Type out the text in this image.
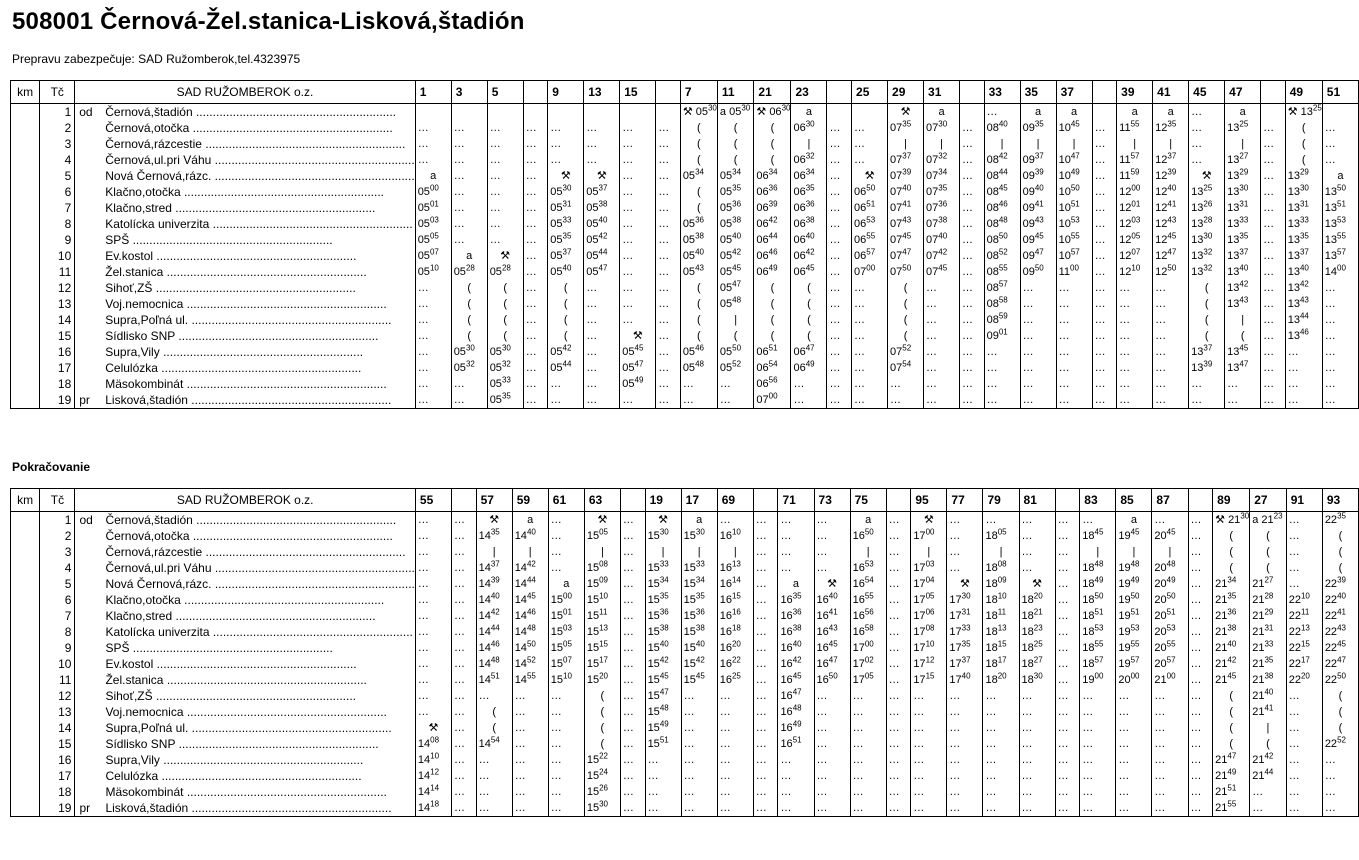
508001 Černová-Žel.stanica-Lisková,štadión
Prepravu zabezpečuje: SAD Ružomberok,tel.4323975
km	Tč	SAD RUŽOMBEROK o.z.	1	3	5		9	13	15		7	11	21	23		25	29	31		33	35	37		39	41	45	47		49	51
	1	od Černová,štadión ............................................................									⚒ $05^{30}$	a $05^{30}$	⚒ $06^{30}$	a			⚒	a		…	a	a		a	a	…	a		⚒ $13^{25}$	
	2	Černová,otočka ............................................................	…	…	…	…	…	…	…	…	(	(	(	$06^{30}$	…	…	$07^{35}$	$07^{30}$	…	$08^{40}$	$09^{35}$	$10^{45}$	…	$11^{55}$	$12^{35}$	…	$13^{25}$	…	(	…
	3	Černová,rázcestie ............................................................	…	…	…	…	…	…	…	…	(	(	(	|	…	…	|	|	…	|	|	|	…	|	|	…	|	…	(	…
	4	Černová,ul.pri Váhu ............................................................	…	…	…	…	…	…	…	…	(	(	(	$06^{32}$	…	…	$07^{37}$	$07^{32}$	…	$08^{42}$	$09^{37}$	$10^{47}$	…	$11^{57}$	$12^{37}$	…	$13^{27}$	…	(	…
	5	Nová Černová,rázc. ............................................................	a	…	…	…	⚒	⚒	…	…	$05^{34}$	$05^{34}$	$06^{34}$	$06^{34}$	…	⚒	$07^{39}$	$07^{34}$	…	$08^{44}$	$09^{39}$	$10^{49}$	…	$11^{59}$	$12^{39}$	⚒	$13^{29}$	…	$13^{29}$	a
	6	Klačno,otočka ............................................................	$05^{00}$	…	…	…	$05^{30}$	$05^{37}$	…	…	(	$05^{35}$	$06^{36}$	$06^{35}$	…	$06^{50}$	$07^{40}$	$07^{35}$	…	$08^{45}$	$09^{40}$	$10^{50}$	…	$12^{00}$	$12^{40}$	$13^{25}$	$13^{30}$	…	$13^{30}$	$13^{50}$
	7	Klačno,stred ............................................................	$05^{01}$	…	…	…	$05^{31}$	$05^{38}$	…	…	(	$05^{36}$	$06^{39}$	$06^{36}$	…	$06^{51}$	$07^{41}$	$07^{36}$	…	$08^{46}$	$09^{41}$	$10^{51}$	…	$12^{01}$	$12^{41}$	$13^{26}$	$13^{31}$	…	$13^{31}$	$13^{51}$
	8	Katolícka univerzita ............................................................	$05^{03}$	…	…	…	$05^{33}$	$05^{40}$	…	…	$05^{36}$	$05^{38}$	$06^{42}$	$06^{38}$	…	$06^{53}$	$07^{43}$	$07^{38}$	…	$08^{48}$	$09^{43}$	$10^{53}$	…	$12^{03}$	$12^{43}$	$13^{28}$	$13^{33}$	…	$13^{33}$	$13^{53}$
	9	SPŠ ............................................................	$05^{05}$	…	…	…	$05^{35}$	$05^{42}$	…	…	$05^{38}$	$05^{40}$	$06^{44}$	$06^{40}$	…	$06^{55}$	$07^{45}$	$07^{40}$	…	$08^{50}$	$09^{45}$	$10^{55}$	…	$12^{05}$	$12^{45}$	$13^{30}$	$13^{35}$	…	$13^{35}$	$13^{55}$
	10	Ev.kostol ............................................................	$05^{07}$	a	⚒	…	$05^{37}$	$05^{44}$	…	…	$05^{40}$	$05^{42}$	$06^{46}$	$06^{42}$	…	$06^{57}$	$07^{47}$	$07^{42}$	…	$08^{52}$	$09^{47}$	$10^{57}$	…	$12^{07}$	$12^{47}$	$13^{32}$	$13^{37}$	…	$13^{37}$	$13^{57}$
	11	Žel.stanica ............................................................	$05^{10}$	$05^{28}$	$05^{28}$	…	$05^{40}$	$05^{47}$	…	…	$05^{43}$	$05^{45}$	$06^{49}$	$06^{45}$	…	$07^{00}$	$07^{50}$	$07^{45}$	…	$08^{55}$	$09^{50}$	$11^{00}$	…	$12^{10}$	$12^{50}$	$13^{32}$	$13^{40}$	…	$13^{40}$	$14^{00}$
	12	Sihoť,ZŠ ............................................................	…	(	(	…	(	…	…	…	(	$05^{47}$	(	(	…	…	(	…	…	$08^{57}$	…	…	…	…	…	(	$13^{42}$	…	$13^{42}$	…
	13	Voj.nemocnica ............................................................	…	(	(	…	(	…	…	…	(	$05^{48}$	(	(	…	…	(	…	…	$08^{58}$	…	…	…	…	…	(	$13^{43}$	…	$13^{43}$	…
	14	Supra,Poľná ul. ............................................................	…	(	(	…	(	…	…	…	(	|	(	(	…	…	(	…	…	$08^{59}$	…	…	…	…	…	(	|	…	$13^{44}$	…
	15	Sídlisko SNP ............................................................	…	(	(	…	(	…	⚒	…	(	(	(	(	…	…	(	…	…	$09^{01}$	…	…	…	…	…	(	(	…	$13^{46}$	…
	16	Supra,Vily ............................................................	…	$05^{30}$	$05^{30}$	…	$05^{42}$	…	$05^{45}$	…	$05^{46}$	$05^{50}$	$06^{51}$	$06^{47}$	…	…	$07^{52}$	…	…	…	…	…	…	…	…	$13^{37}$	$13^{45}$	…	…	…
	17	Celulózka ............................................................	…	$05^{32}$	$05^{32}$	…	$05^{44}$	…	$05^{47}$	…	$05^{48}$	$05^{52}$	$06^{54}$	$06^{49}$	…	…	$07^{54}$	…	…	…	…	…	…	…	…	$13^{39}$	$13^{47}$	…	…	…
	18	Mäsokombinát ............................................................	…	…	$05^{33}$	…	…	…	$05^{49}$	…	…	…	$06^{56}$	…	…	…	…	…	…	…	…	…	…	…	…	…	…	…	…	…
	19	pr Lisková,štadión ............................................................	…	…	$05^{35}$	…	…	…	…	…	…	…	$07^{00}$	…	…	…	…	…	…	…	…	…	…	…	…	…	…	…	…	…
Pokračovanie
km	Tč	SAD RUŽOMBEROK o.z.	55		57	59	61	63		19	17	69		71	73	75		95	77	79	81		83	85	87		89	27	91	93
	1	od Černová,štadión ............................................................	…	…	⚒	a	…	⚒	…	⚒	a	…	…	…	…	a	…	⚒	…	…	…	…	…	a	…	…	⚒ $21^{30}$	a $21^{23}$	…	$22^{35}$
	2	Černová,otočka ............................................................	…	…	$14^{35}$	$14^{40}$	…	$15^{05}$	…	$15^{30}$	$15^{30}$	$16^{10}$	…	…	…	$16^{50}$	…	$17^{00}$	…	$18^{05}$	…	…	$18^{45}$	$19^{45}$	$20^{45}$	…	(	(	…	(
	3	Černová,rázcestie ............................................................	…	…	|	|	…	|	…	|	|	|	…	…	…	|	…	|	…	|	…	…	|	|	|	…	(	(	…	(
	4	Černová,ul.pri Váhu ............................................................	…	…	$14^{37}$	$14^{42}$	…	$15^{08}$	…	$15^{33}$	$15^{33}$	$16^{13}$	…	…	…	$16^{53}$	…	$17^{03}$	…	$18^{08}$	…	…	$18^{48}$	$19^{48}$	$20^{48}$	…	(	(	…	(
	5	Nová Černová,rázc. ............................................................	…	…	$14^{39}$	$14^{44}$	a	$15^{09}$	…	$15^{34}$	$15^{34}$	$16^{14}$	…	a	⚒	$16^{54}$	…	$17^{04}$	⚒	$18^{09}$	⚒	…	$18^{49}$	$19^{49}$	$20^{49}$	…	$21^{34}$	$21^{27}$	…	$22^{39}$
	6	Klačno,otočka ............................................................	…	…	$14^{40}$	$14^{45}$	$15^{00}$	$15^{10}$	…	$15^{35}$	$15^{35}$	$16^{15}$	…	$16^{35}$	$16^{40}$	$16^{55}$	…	$17^{05}$	$17^{30}$	$18^{10}$	$18^{20}$	…	$18^{50}$	$19^{50}$	$20^{50}$	…	$21^{35}$	$21^{28}$	$22^{10}$	$22^{40}$
	7	Klačno,stred ............................................................	…	…	$14^{42}$	$14^{46}$	$15^{01}$	$15^{11}$	…	$15^{36}$	$15^{36}$	$16^{16}$	…	$16^{36}$	$16^{41}$	$16^{56}$	…	$17^{06}$	$17^{31}$	$18^{11}$	$18^{21}$	…	$18^{51}$	$19^{51}$	$20^{51}$	…	$21^{36}$	$21^{29}$	$22^{11}$	$22^{41}$
	8	Katolícka univerzita ............................................................	…	…	$14^{44}$	$14^{48}$	$15^{03}$	$15^{13}$	…	$15^{38}$	$15^{38}$	$16^{18}$	…	$16^{38}$	$16^{43}$	$16^{58}$	…	$17^{08}$	$17^{33}$	$18^{13}$	$18^{23}$	…	$18^{53}$	$19^{53}$	$20^{53}$	…	$21^{38}$	$21^{31}$	$22^{13}$	$22^{43}$
	9	SPŠ ............................................................	…	…	$14^{46}$	$14^{50}$	$15^{05}$	$15^{15}$	…	$15^{40}$	$15^{40}$	$16^{20}$	…	$16^{40}$	$16^{45}$	$17^{00}$	…	$17^{10}$	$17^{35}$	$18^{15}$	$18^{25}$	…	$18^{55}$	$19^{55}$	$20^{55}$	…	$21^{40}$	$21^{33}$	$22^{15}$	$22^{45}$
	10	Ev.kostol ............................................................	…	…	$14^{48}$	$14^{52}$	$15^{07}$	$15^{17}$	…	$15^{42}$	$15^{42}$	$16^{22}$	…	$16^{42}$	$16^{47}$	$17^{02}$	…	$17^{12}$	$17^{37}$	$18^{17}$	$18^{27}$	…	$18^{57}$	$19^{57}$	$20^{57}$	…	$21^{42}$	$21^{35}$	$22^{17}$	$22^{47}$
	11	Žel.stanica ............................................................	…	…	$14^{51}$	$14^{55}$	$15^{10}$	$15^{20}$	…	$15^{45}$	$15^{45}$	$16^{25}$	…	$16^{45}$	$16^{50}$	$17^{05}$	…	$17^{15}$	$17^{40}$	$18^{20}$	$18^{30}$	…	$19^{00}$	$20^{00}$	$21^{00}$	…	$21^{45}$	$21^{38}$	$22^{20}$	$22^{50}$
	12	Sihoť,ZŠ ............................................................	…	…	…	…	…	(	…	$15^{47}$	…	…	…	$16^{47}$	…	…	…	…	…	…	…	…	…	…	…	…	(	$21^{40}$	…	(
	13	Voj.nemocnica ............................................................	…	…	(	…	…	(	…	$15^{48}$	…	…	…	$16^{48}$	…	…	…	…	…	…	…	…	…	…	…	…	(	$21^{41}$	…	(
	14	Supra,Poľná ul. ............................................................	⚒	…	(	…	…	(	…	$15^{49}$	…	…	…	$16^{49}$	…	…	…	…	…	…	…	…	…	…	…	…	(	|	…	(
	15	Sídlisko SNP ............................................................	$14^{08}$	…	$14^{54}$	…	…	(	…	$15^{51}$	…	…	…	$16^{51}$	…	…	…	…	…	…	…	…	…	…	…	…	(	(	…	$22^{52}$
	16	Supra,Vily ............................................................	$14^{10}$	…	…	…	…	$15^{22}$	…	…	…	…	…	…	…	…	…	…	…	…	…	…	…	…	…	…	$21^{47}$	$21^{42}$	…	…
	17	Celulózka ............................................................	$14^{12}$	…	…	…	…	$15^{24}$	…	…	…	…	…	…	…	…	…	…	…	…	…	…	…	…	…	…	$21^{49}$	$21^{44}$	…	…
	18	Mäsokombinát ............................................................	$14^{14}$	…	…	…	…	$15^{26}$	…	…	…	…	…	…	…	…	…	…	…	…	…	…	…	…	…	…	$21^{51}$	…	…	…
	19	pr Lisková,štadión ............................................................	$14^{18}$	…	…	…	…	$15^{30}$	…	…	…	…	…	…	…	…	…	…	…	…	…	…	…	…	…	…	$21^{55}$	…	…	…
